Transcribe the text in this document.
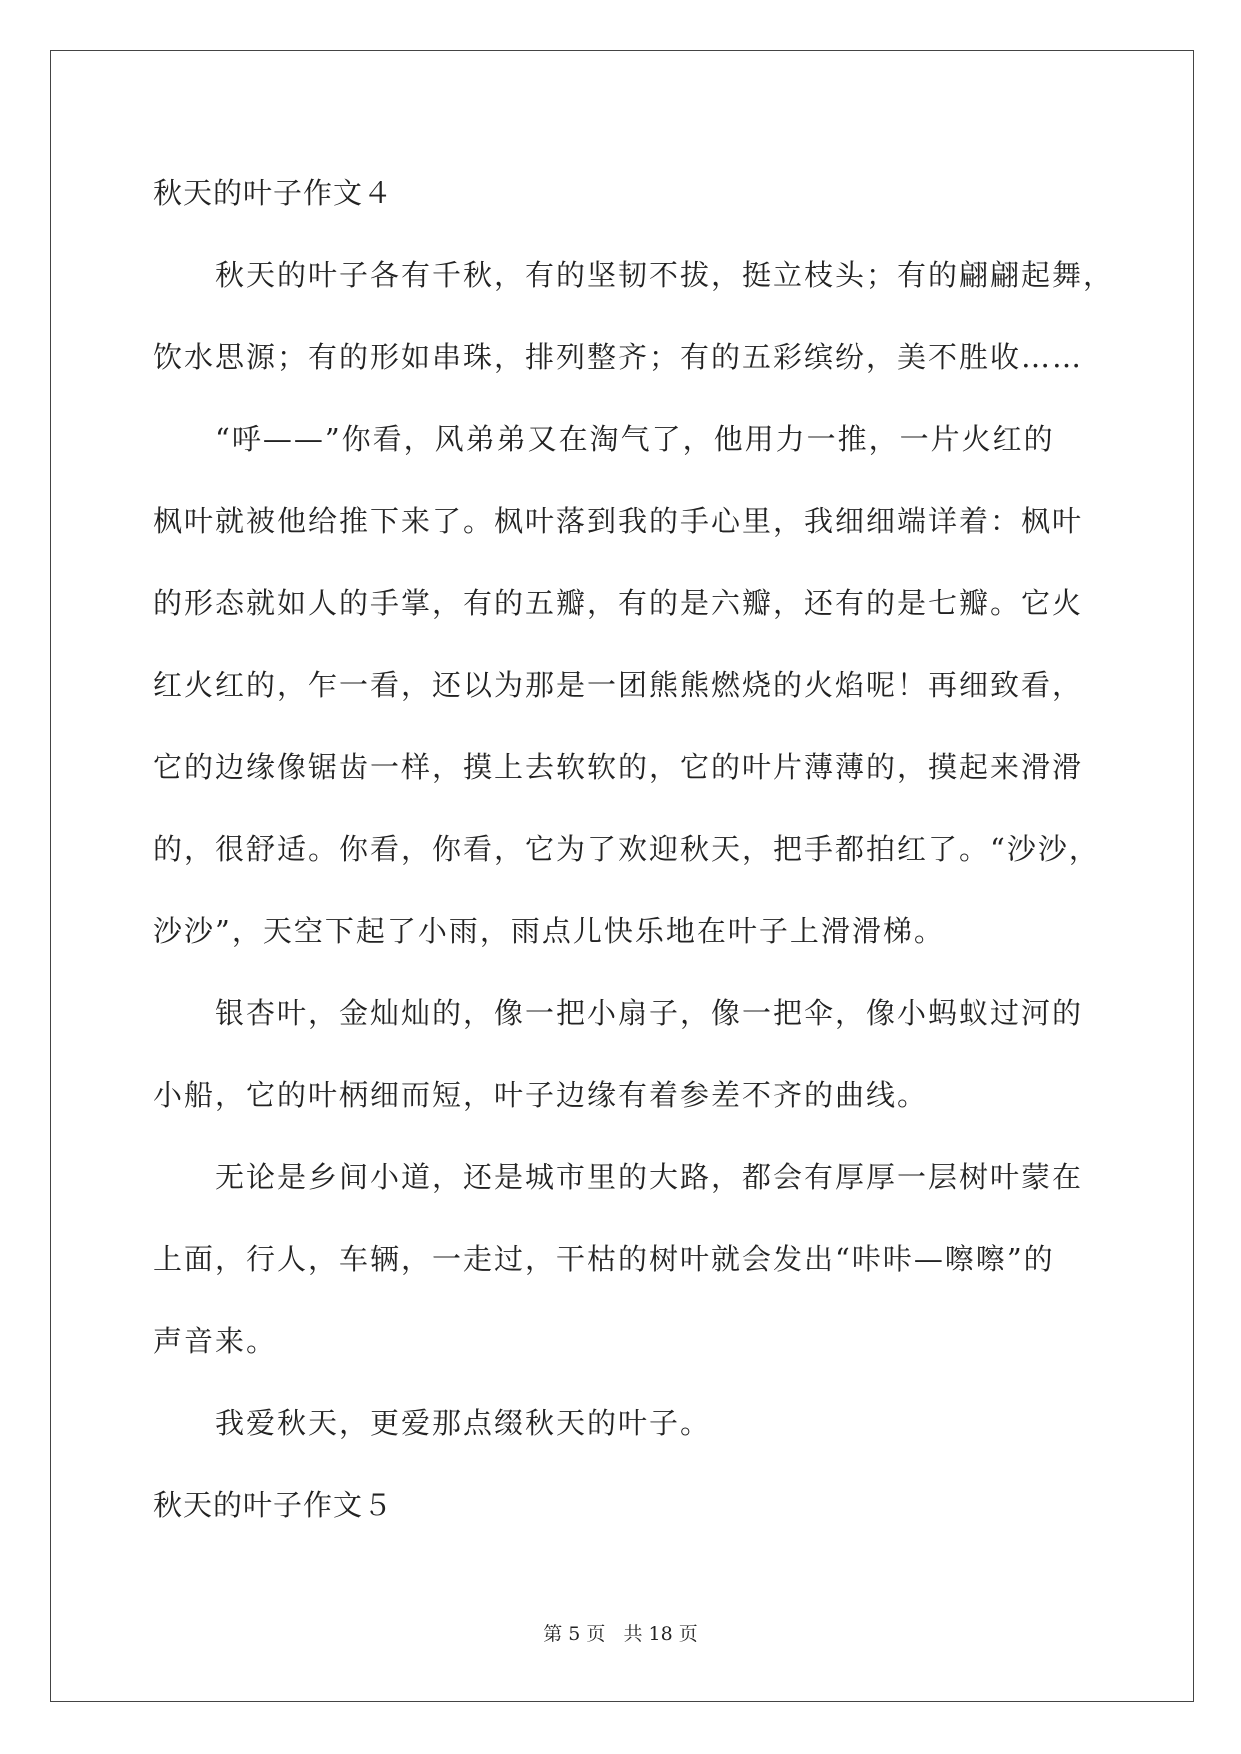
秋天的叶子作文４
秋天的叶子各有千秋，有的坚韧不拔，挺立枝头；有的翩翩起舞，
饮水思源；有的形如串珠，排列整齐；有的五彩缤纷，美不胜收……
“呼——”你看，风弟弟又在淘气了，他用力一推，一片火红的
枫叶就被他给推下来了。枫叶落到我的手心里，我细细端详着：枫叶
的形态就如人的手掌，有的五瓣，有的是六瓣，还有的是七瓣。它火
红火红的，乍一看，还以为那是一团熊熊燃烧的火焰呢！再细致看，
它的边缘像锯齿一样，摸上去软软的，它的叶片薄薄的，摸起来滑滑
的，很舒适。你看，你看，它为了欢迎秋天，把手都拍红了。“沙沙，
沙沙”，天空下起了小雨，雨点儿快乐地在叶子上滑滑梯。
银杏叶，金灿灿的，像一把小扇子，像一把伞，像小蚂蚁过河的
小船，它的叶柄细而短，叶子边缘有着参差不齐的曲线。
无论是乡间小道，还是城市里的大路，都会有厚厚一层树叶蒙在
上面，行人，车辆，一走过，干枯的树叶就会发出“咔咔—嚓嚓”的
声音来。
我爱秋天，更爱那点缀秋天的叶子。
秋天的叶子作文５
第 5 页 共 18 页
